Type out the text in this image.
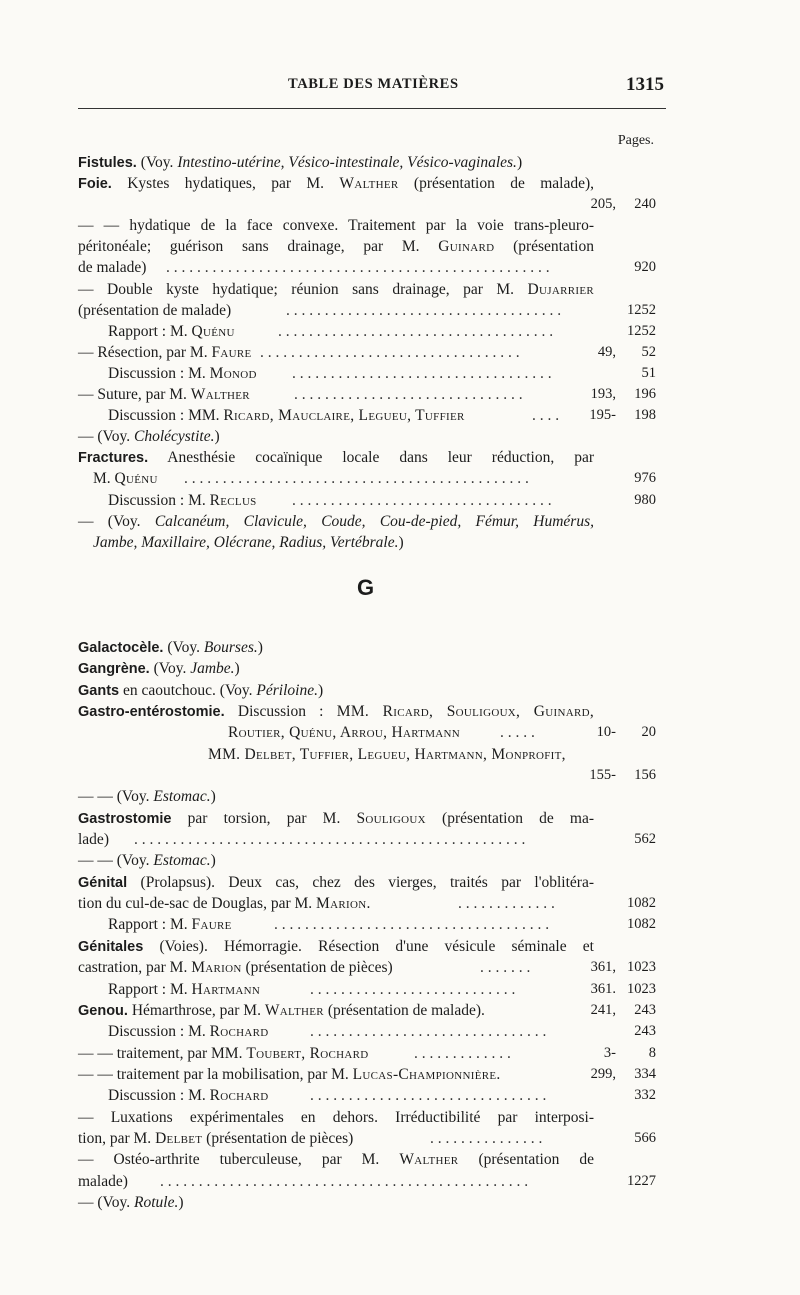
TABLE DES MATIÈRES	1315
Pages.
Fistules. (Voy. Intestino-utérine, Vésico-intestinale, Vésico-vaginales.)
Foie. Kystes hydatiques, par M. Walther (présentation de malade),
205, 240
— — hydatique de la face convexe. Traitement par la voie trans-pleuro-
péritonéale; guérison sans drainage, par M. Guinard (présentation
de malade) . . . . . . . . . . . . . . . . . . . . . . . . . . . . . . . . . . . . . . . . . . . . . . . . . .	920
— Double kyste hydatique; réunion sans drainage, par M. Dujarrier
(présentation de malade)	. . . . . . . . . . . . . . . . . . . . . . . . . . . . . . . . . . . .	1252
Rapport : M. Quénu	. . . . . . . . . . . . . . . . . . . . . . . . . . . . . . . . . . . .	1252
— Résection, par M. Faure . . . . . . . . . . . . . . . . . . . . . . . . . . . . . . . . . .	49, 52
Discussion : M. Monod . . . . . . . . . . . . . . . . . . . . . . . . . . . . . . . . . .	51
— Suture, par M. Walther	. . . . . . . . . . . . . . . . . . . . . . . . . . . . . .	193, 196
Discussion : MM. Ricard, Mauclaire, Legueu, Tuffier	. . . .	195- 198
— (Voy. Cholécystite.)
Fractures. Anesthésie cocaïnique locale dans leur réduction, par
M. Quénu . . . . . . . . . . . . . . . . . . . . . . . . . . . . . . . . . . . . . . . . . . . . .	976
Discussion : M. Reclus . . . . . . . . . . . . . . . . . . . . . . . . . . . . . . . . . .	980
— (Voy. Calcanéum, Clavicule, Coude, Cou-de-pied, Fémur, Humérus,
Jambe, Maxillaire, Olécrane, Radius, Vertébrale.)
G
Galactocèle. (Voy. Bourses.)
Gangrène. (Voy. Jambe.)
Gants en caoutchouc. (Voy. Périloine.)
Gastro-entérostomie. Discussion : MM. Ricard, Souligoux, Guinard,
Routier, Quénu, Arrou, Hartmann	. . . . .	10- 20
MM. Delbet, Tuffier, Legueu, Hartmann, Monprofit,
155- 156
— — (Voy. Estomac.)
Gastrostomie par torsion, par M. Souligoux (présentation de ma-
lade) . . . . . . . . . . . . . . . . . . . . . . . . . . . . . . . . . . . . . . . . . . . . . . . . . . .	562
— — (Voy. Estomac.)
Génital (Prolapsus). Deux cas, chez des vierges, traités par l'oblitéra-
tion du cul-de-sac de Douglas, par M. Marion.	. . . . . . . . . . . . .	1082
Rapport : M. Faure	. . . . . . . . . . . . . . . . . . . . . . . . . . . . . . . . . . . .	1082
Génitales (Voies). Hémorragie. Résection d'une vésicule séminale et
castration, par M. Marion (présentation de pièces)	. . . . . . .	361, 1023
Rapport : M. Hartmann	. . . . . . . . . . . . . . . . . . . . . . . . . . .	361. 1023
Genou. Hémarthrose, par M. Walther (présentation de malade).	241, 243
Discussion : M. Rochard	. . . . . . . . . . . . . . . . . . . . . . . . . . . . . . .	243
— — traitement, par MM. Toubert, Rochard	. . . . . . . . . . . . .	3- 8
— — traitement par la mobilisation, par M. Lucas-Championnière.	299, 334
Discussion : M. Rochard	. . . . . . . . . . . . . . . . . . . . . . . . . . . . . . .	332
— Luxations expérimentales en dehors. Irréductibilité par interposi-
tion, par M. Delbet (présentation de pièces)	. . . . . . . . . . . . . . .	566
— Ostéo-arthrite tuberculeuse, par M. Walther (présentation de
malade) . . . . . . . . . . . . . . . . . . . . . . . . . . . . . . . . . . . . . . . . . . . . . . . .	1227
— (Voy. Rotule.)
